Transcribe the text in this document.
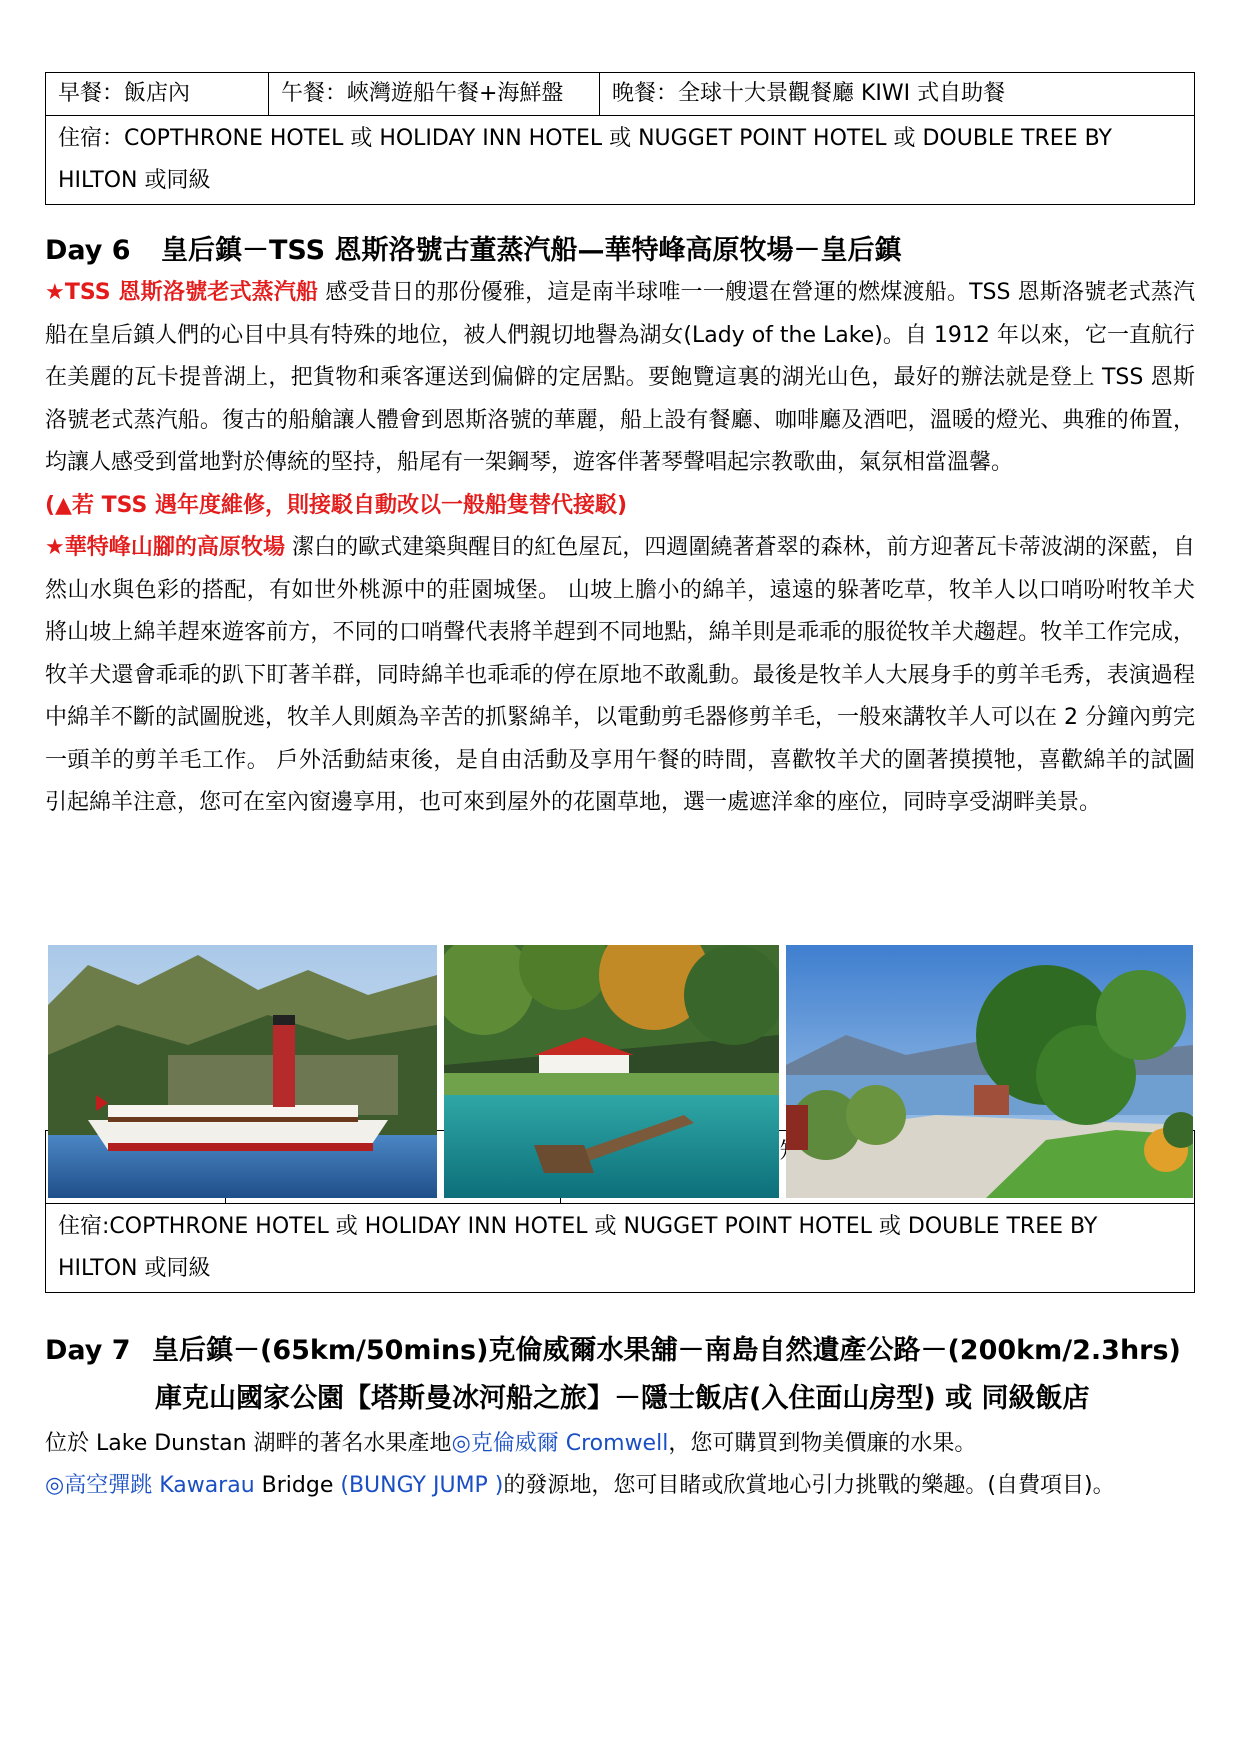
早餐：飯店內	午餐：峽灣遊船午餐+海鮮盤	晚餐：全球十大景觀餐廳 KIWI 式自助餐
住宿：COPTHRONE HOTEL 或 HOLIDAY INN HOTEL 或 NUGGET POINT HOTEL 或 DOUBLE TREE BY HILTON 或同級
Day 6 皇后鎮－TSS 恩斯洛號古董蒸汽船—華特峰高原牧場－皇后鎮

★TSS 恩斯洛號老式蒸汽船 感受昔日的那份優雅，這是南半球唯一一艘還在營運的燃煤渡船。TSS 恩斯洛號老式蒸汽船在皇后鎮人們的心目中具有特殊的地位，被人們親切地譽為湖女(Lady of the Lake)。自 1912 年以來，它一直航行在美麗的瓦卡提普湖上，把貨物和乘客運送到偏僻的定居點。要飽覽這裏的湖光山色，最好的辦法就是登上 TSS 恩斯洛號老式蒸汽船。復古的船艙讓人體會到恩斯洛號的華麗，船上設有餐廳、咖啡廳及酒吧，溫暖的燈光、典雅的佈置，均讓人感受到當地對於傳統的堅持，船尾有一架鋼琴，遊客伴著琴聲唱起宗教歌曲，氣氛相當溫馨。

(▲若 TSS 遇年度維修，則接駁自動改以一般船隻替代接駁)

★華特峰山腳的高原牧場 潔白的歐式建築與醒目的紅色屋瓦，四週圍繞著蒼翠的森林，前方迎著瓦卡蒂波湖的深藍，自然山水與色彩的搭配，有如世外桃源中的莊園城堡。 山坡上膽小的綿羊，遠遠的躲著吃草，牧羊人以口哨吩咐牧羊犬將山坡上綿羊趕來遊客前方，不同的口哨聲代表將羊趕到不同地點，綿羊則是乖乖的服從牧羊犬趨趕。牧羊工作完成，牧羊犬還會乖乖的趴下盯著羊群，同時綿羊也乖乖的停在原地不敢亂動。最後是牧羊人大展身手的剪羊毛秀，表演過程中綿羊不斷的試圖脫逃，牧羊人則頗為辛苦的抓緊綿羊，以電動剪毛器修剪羊毛，一般來講牧羊人可以在 2 分鐘內剪完一頭羊的剪羊毛工作。 戶外活動結束後，是自由活動及享用午餐的時間，喜歡牧羊犬的圍著摸摸牠，喜歡綿羊的試圖引起綿羊注意，您可在室內窗邊享用，也可來到屋外的花園草地，選一處遮洋傘的座位，同時享受湖畔美景。

住宿:COPTHRONE HOTEL 或 HOLIDAY INN HOTEL 或 NUGGET POINT HOTEL 或 DOUBLE TREE BY HILTON 或同級
Day 7 皇后鎮－(65km/50mins)克倫威爾水果舖－南島自然遺產公路－(200km/2.3hrs)
庫克山國家公園【塔斯曼冰河船之旅】－隱士飯店(入住面山房型) 或 同級飯店

位於 Lake Dunstan 湖畔的著名水果產地◎克倫威爾 Cromwell，您可購買到物美價廉的水果。

◎高空彈跳 Kawarau Bridge (BUNGY JUMP )的發源地，您可目睹或欣賞地心引力挑戰的樂趣。(自費項目)。
